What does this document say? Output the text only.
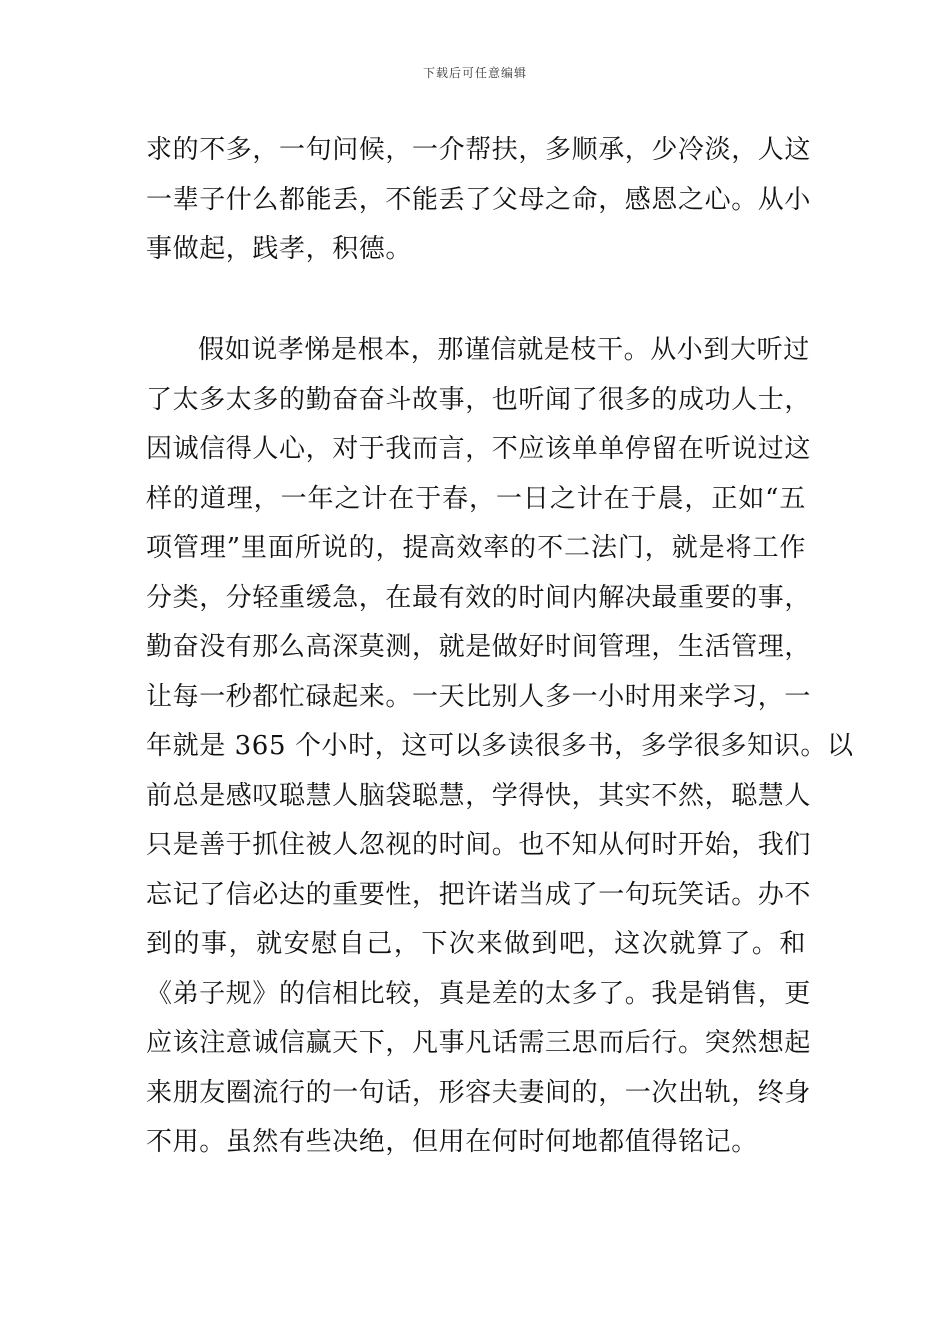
下载后可任意编辑
求的不多，一句问候，一介帮扶，多顺承，少冷淡，人这
一辈子什么都能丢，不能丢了父母之命，感恩之心。从小
事做起，践孝，积德。
假如说孝悌是根本，那谨信就是枝干。从小到大听过
了太多太多的勤奋奋斗故事，也听闻了很多的成功人士，
因诚信得人心，对于我而言，不应该单单停留在听说过这
样的道理，一年之计在于春，一日之计在于晨，正如“五
项管理”里面所说的，提高效率的不二法门，就是将工作
分类，分轻重缓急，在最有效的时间内解决最重要的事，
勤奋没有那么高深莫测，就是做好时间管理，生活管理，
让每一秒都忙碌起来。一天比别人多一小时用来学习，一
年就是 365 个小时，这可以多读很多书，多学很多知识。以
前总是感叹聪慧人脑袋聪慧，学得快，其实不然，聪慧人
只是善于抓住被人忽视的时间。也不知从何时开始，我们
忘记了信必达的重要性，把许诺当成了一句玩笑话。办不
到的事，就安慰自己，下次来做到吧，这次就算了。和
《弟子规》的信相比较，真是差的太多了。我是销售，更
应该注意诚信赢天下，凡事凡话需三思而后行。突然想起
来朋友圈流行的一句话，形容夫妻间的，一次出轨，终身
不用。虽然有些决绝，但用在何时何地都值得铭记。
